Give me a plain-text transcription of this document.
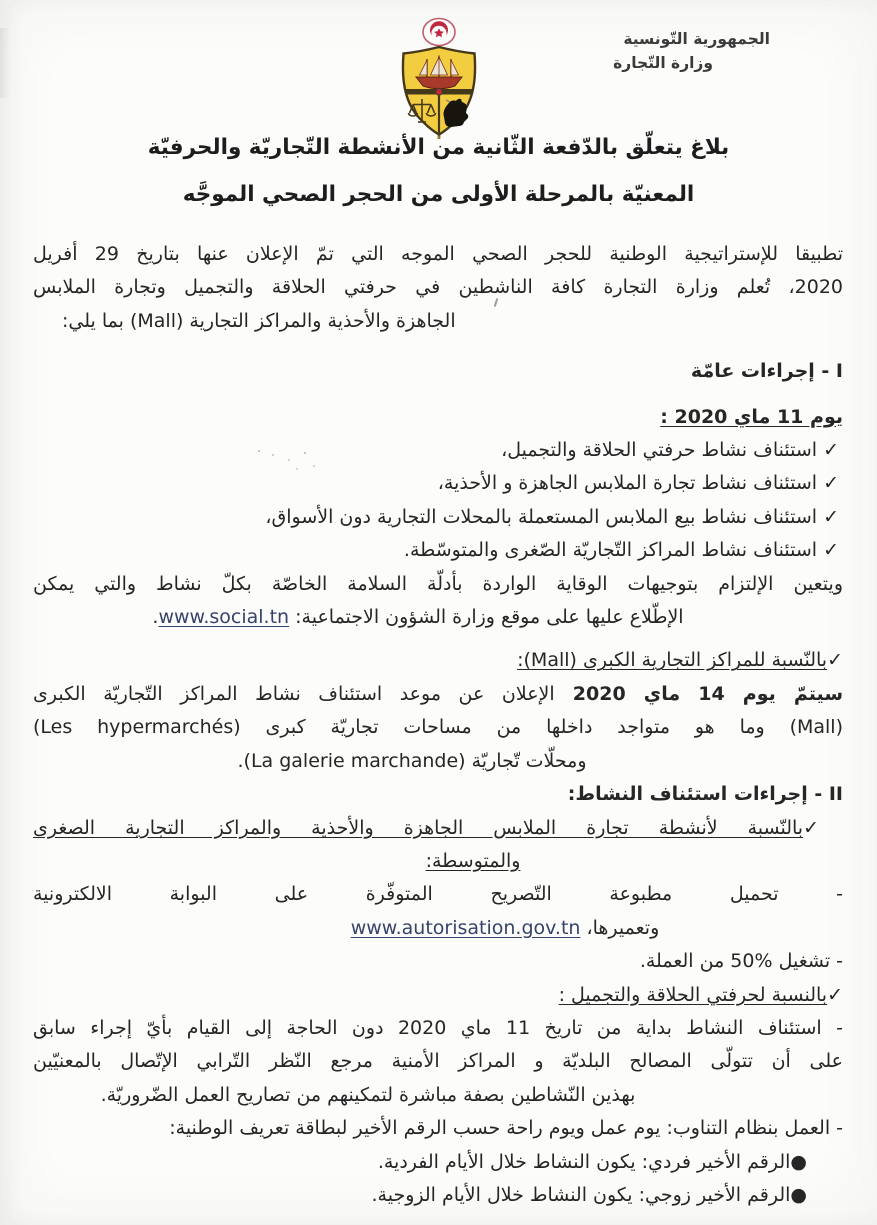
الجمهورية التّونسية
وزارة التّجارة
بلاغ يتعلّق بالدّفعة الثّانية من الأنشطة التّجاريّة والحرفيّة
المعنيّة بالمرحلة الأولى من الحجر الصحي الموجَّه
تطبيقا للإستراتيجية الوطنية للحجر الصحي الموجه التي تمّ الإعلان عنها بتاريخ 29 أفريل
2020، تُعلم وزارة التجارة كافة الناشطين في حرفتي الحلاقة والتجميل وتجارة الملابس
الجاهزة والأحذية والمراكز التجارية (Mall) بما يلي:
I - إجراءات عامّة
يوم 11 ماي 2020 :
✓ استئناف نشاط حرفتي الحلاقة والتجميل،
✓ استئناف نشاط تجارة الملابس الجاهزة و الأحذية،
✓ استئناف نشاط بيع الملابس المستعملة بالمحلات التجارية دون الأسواق،
✓ استئناف نشاط المراكز التّجاريّة الصّغرى والمتوسّطة.
ويتعين الإلتزام بتوجيهات الوقاية الواردة بأدلّة السلامة الخاصّة بكلّ نشاط والتي يمكن
الإطّلاع عليها على موقع وزارة الشؤون الاجتماعية: www.social.tn.
✓بالنّسبة للمراكز التجارية الكبرى (Mall):
سيتمّ يوم 14 ماي 2020 الإعلان عن موعد استئناف نشاط المراكز التّجاريّة الكبرى
(Mall) وما هو متواجد داخلها من مساحات تجاريّة كبرى (Les hypermarchés)
ومحلّات تّجاريّة (La galerie marchande).
II - إجراءات استئناف النشاط:
✓بالنّسبة لأنشطة تجارة الملابس الجاهزة والأحذية والمراكز التجارية الصغرى
والمتوسطة:
- تحميل مطبوعة التّصريح المتوفّرة على البوابة الالكترونية
وتعميرها، www.autorisation.gov.tn
- تشغيل %50 من العملة.
✓بالنسبة لحرفتي الحلاقة والتجميل :
- استئناف النشاط بداية من تاريخ 11 ماي 2020 دون الحاجة إلى القيام بأيّ إجراء سابق
على أن تتولّى المصالح البلديّة و المراكز الأمنية مرجع النّظر التّرابي الإتّصال بالمعنيّين
بهذين النّشاطين بصفة مباشرة لتمكينهم من تصاريح العمل الضّروريّة.
- العمل بنظام التناوب: يوم عمل ويوم راحة حسب الرقم الأخير لبطاقة تعريف الوطنية:
●الرقم الأخير فردي: يكون النشاط خلال الأيام الفردية.
●الرقم الأخير زوجي: يكون النشاط خلال الأيام الزوجية.
